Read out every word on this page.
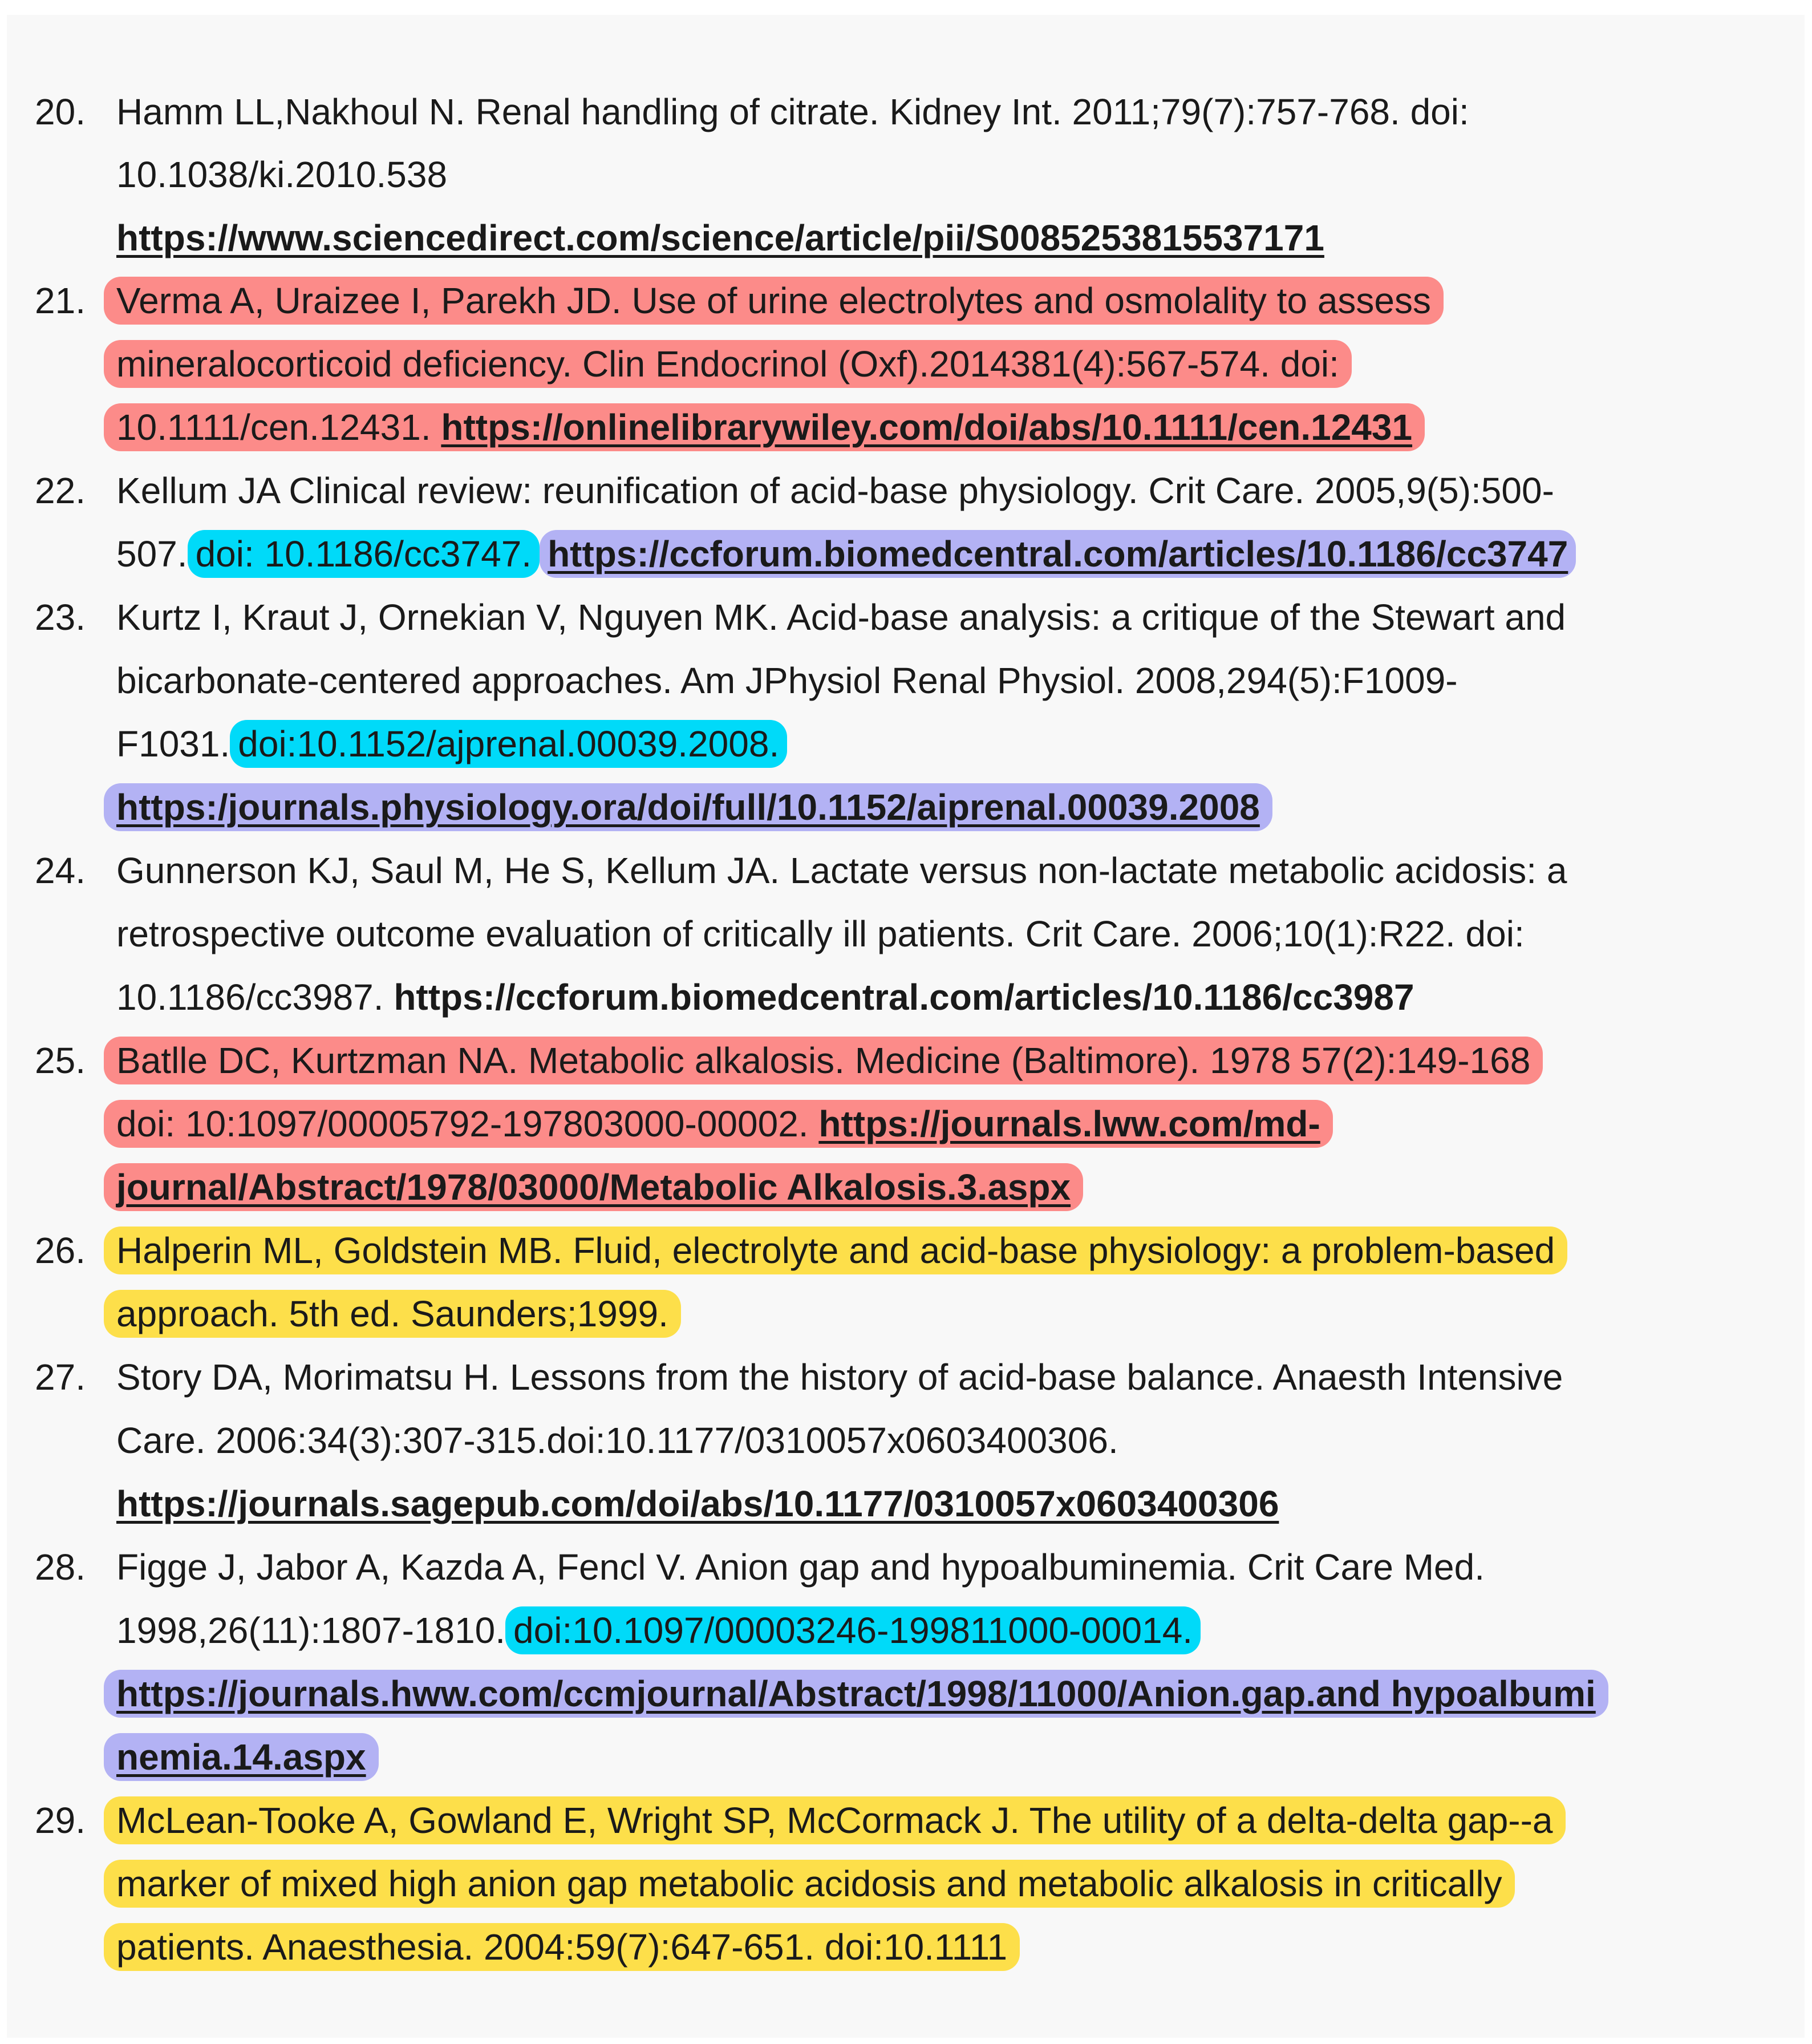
20. Hamm LL,Nakhoul N. Renal handling of citrate. Kidney Int. 2011;79(7):757-768. doi:
10.1038/ki.2010.538
https://www.sciencedirect.com/science/article/pii/S0085253815537171
21. Verma A, Uraizee I, Parekh JD. Use of urine electrolytes and osmolality to assess
mineralocorticoid deficiency. Clin Endocrinol (Oxf).2014381(4):567-574. doi:
10.1111/cen.12431. https://onlinelibrarywiley.com/doi/abs/10.1111/cen.12431
22. Kellum JA Clinical review: reunification of acid-base physiology. Crit Care. 2005,9(5):500-
507. doi: 10.1186/cc3747. https://ccforum.biomedcentral.com/articles/10.1186/cc3747
23. Kurtz I, Kraut J, Ornekian V, Nguyen MK. Acid-base analysis: a critique of the Stewart and
bicarbonate-centered approaches. Am JPhysiol Renal Physiol. 2008,294(5):F1009-
F1031. doi:10.1152/ajprenal.00039.2008.
https:/journals.physiology.ora/doi/full/10.1152/aiprenal.00039.2008
24. Gunnerson KJ, Saul M, He S, Kellum JA. Lactate versus non-lactate metabolic acidosis: a
retrospective outcome evaluation of critically ill patients. Crit Care. 2006;10(1):R22. doi:
10.1186/cc3987. https://ccforum.biomedcentral.com/articles/10.1186/cc3987
25. Batlle DC, Kurtzman NA. Metabolic alkalosis. Medicine (Baltimore). 1978 57(2):149-168
doi: 10:1097/00005792-197803000-00002. https://journals.lww.com/md-
journal/Abstract/1978/03000/Metabolic Alkalosis.3.aspx
26. Halperin ML, Goldstein MB. Fluid, electrolyte and acid-base physiology: a problem-based
approach. 5th ed. Saunders;1999.
27. Story DA, Morimatsu H. Lessons from the history of acid-base balance. Anaesth Intensive
Care. 2006:34(3):307-315.doi:10.1177/0310057x0603400306.
https://journals.sagepub.com/doi/abs/10.1177/0310057x0603400306
28. Figge J, Jabor A, Kazda A, Fencl V. Anion gap and hypoalbuminemia. Crit Care Med.
1998,26(11):1807-1810. doi:10.1097/00003246-199811000-00014.
https://journals.hww.com/ccmjournal/Abstract/1998/11000/Anion.gap.and hypoalbumi
nemia.14.aspx
29. McLean-Tooke A, Gowland E, Wright SP, McCormack J. The utility of a delta-delta gap--a
marker of mixed high anion gap metabolic acidosis and metabolic alkalosis in critically
patients. Anaesthesia. 2004:59(7):647-651. doi:10.1111
